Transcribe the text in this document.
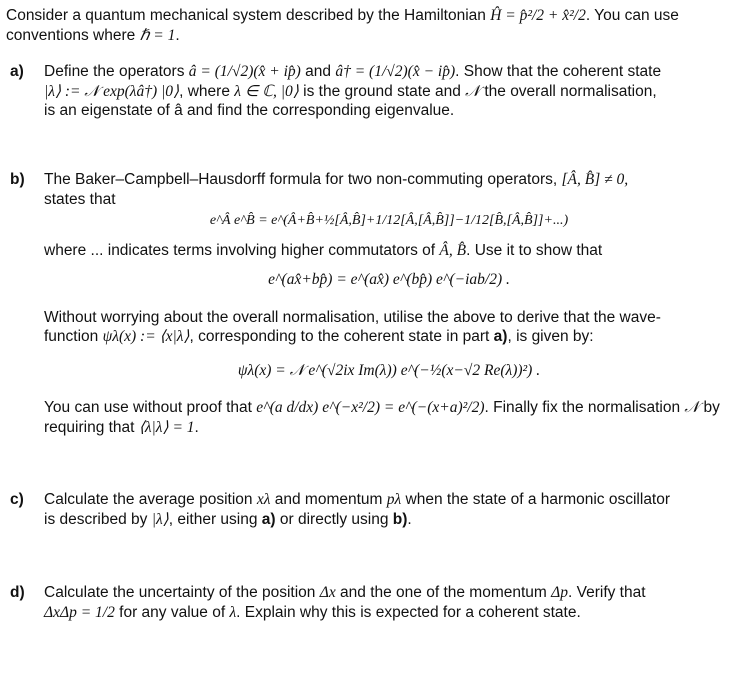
Consider a quantum mechanical system described by the Hamiltonian Ĥ = p̂²/2 + x̂²/2. You can use conventions where ℏ = 1.
a) Define the operators â = (1/√2)(x̂ + ip̂) and â† = (1/√2)(x̂ − ip̂). Show that the coherent state
|λ⟩ := 𝒩 exp(λâ†) |0⟩, where λ ∈ ℂ, |0⟩ is the ground state and 𝒩 the overall normalisation,
is an eigenstate of â and find the corresponding eigenvalue.
b) The Baker–Campbell–Hausdorff formula for two non-commuting operators, [Â, B̂] ≠ 0,
states that
e^Â e^B̂ = e^(Â+B̂+½[Â,B̂]+1/12[Â,[Â,B̂]]−1/12[B̂,[Â,B̂]]+...)
where ... indicates terms involving higher commutators of Â, B̂. Use it to show that
e^(ax̂+bp̂) = e^(ax̂) e^(bp̂) e^(−iab/2) .
Without worrying about the overall normalisation, utilise the above to derive that the wave-
function ψλ(x) := ⟨x|λ⟩, corresponding to the coherent state in part a), is given by:
ψλ(x) = 𝒩 e^(√2ix Im(λ)) e^(−½(x−√2 Re(λ))²) .
You can use without proof that e^(a d/dx) e^(−x²/2) = e^(−(x+a)²/2). Finally fix the normalisation 𝒩 by
requiring that ⟨λ|λ⟩ = 1.
c) Calculate the average position xλ and momentum pλ when the state of a harmonic oscillator
is described by |λ⟩, either using a) or directly using b).
d) Calculate the uncertainty of the position Δx and the one of the momentum Δp. Verify that
ΔxΔp = 1/2 for any value of λ. Explain why this is expected for a coherent state.
